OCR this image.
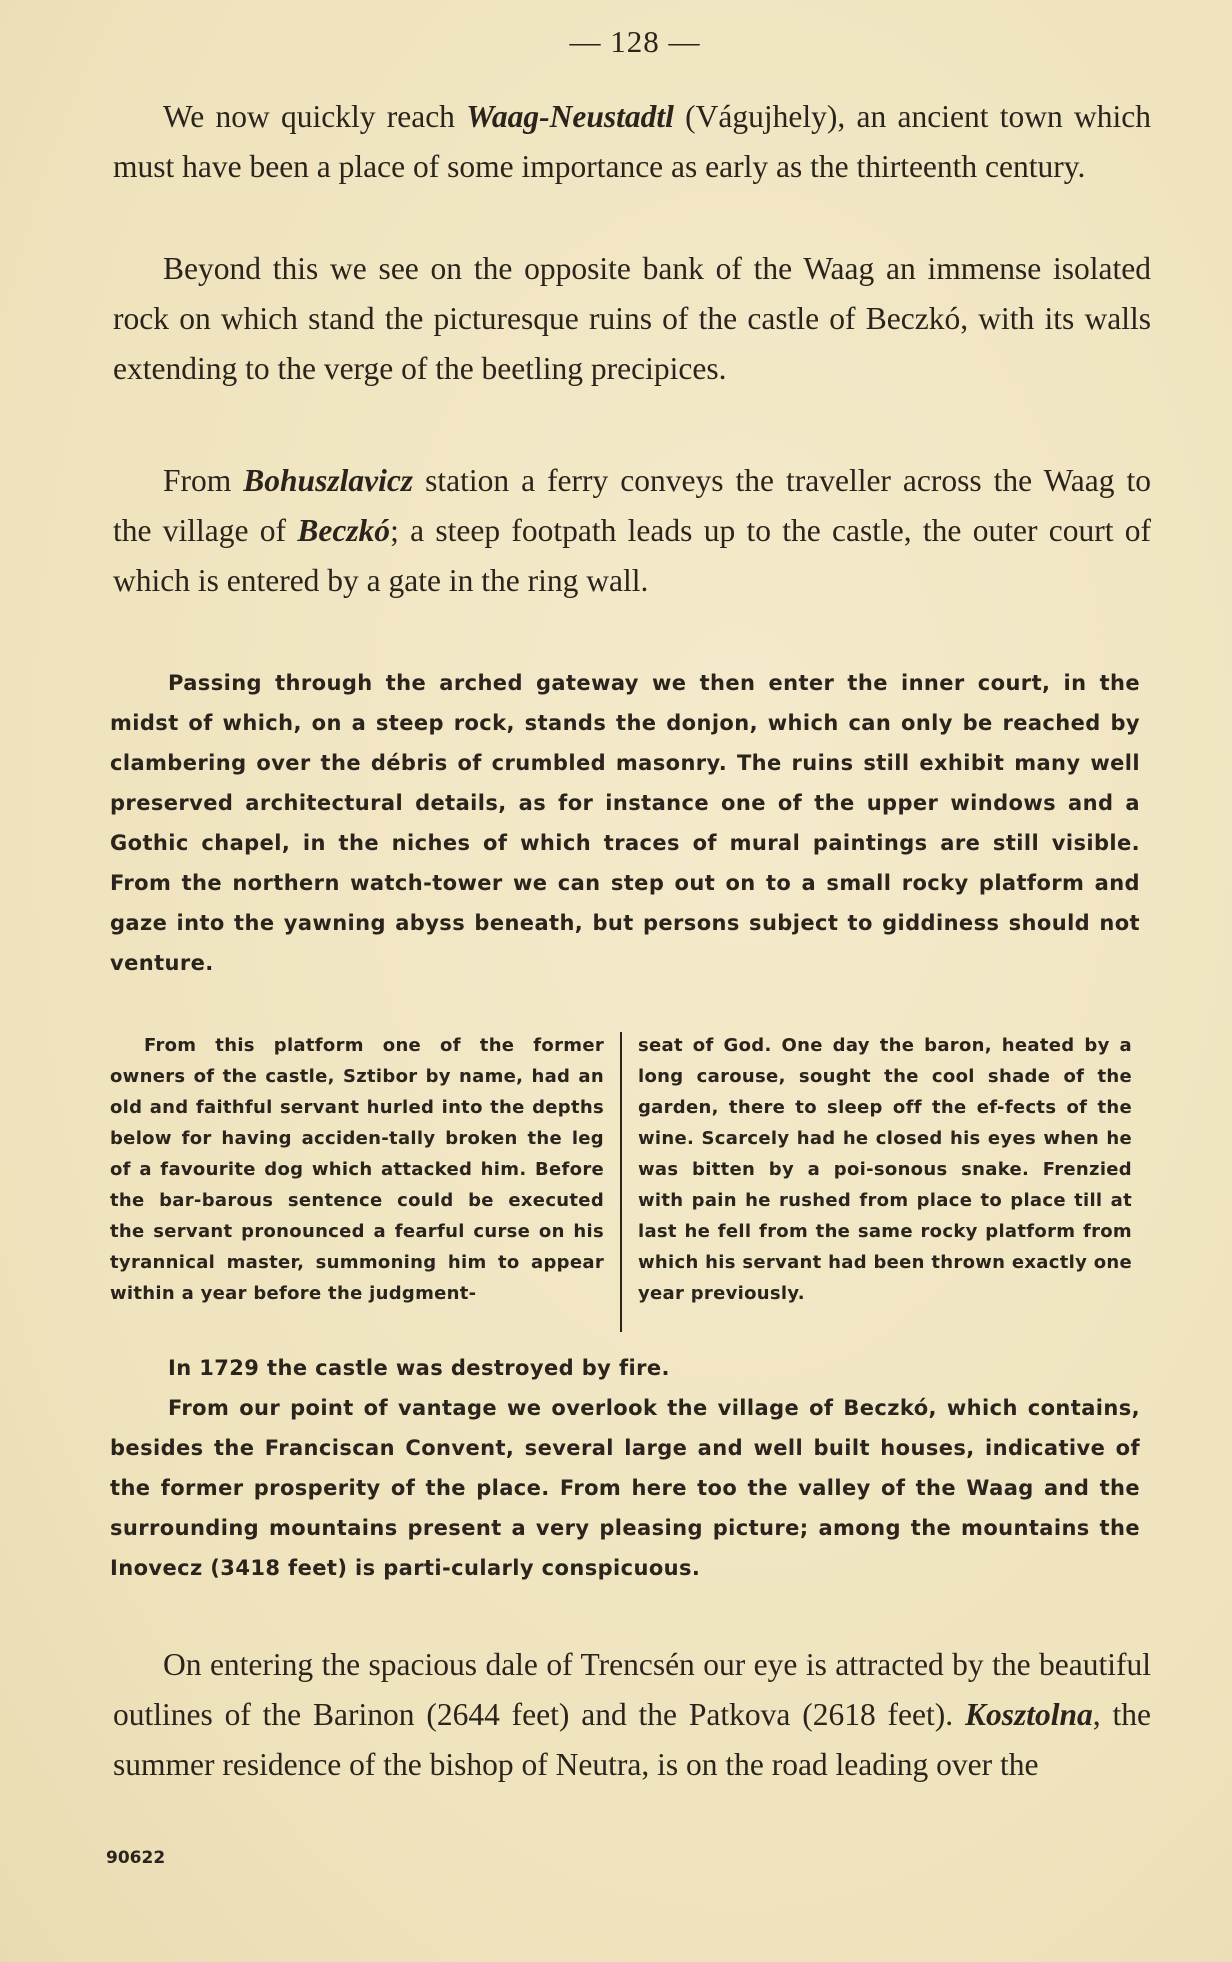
— 128 —

We now quickly reach Waag-Neustadtl (Vágujhely), an ancient town which must have been a place of some importance as early as the thirteenth century.

Beyond this we see on the opposite bank of the Waag an immense isolated rock on which stand the picturesque ruins of the castle of Beczkó, with its walls extending to the verge of the beetling precipices.

From Bohuszlavicz station a ferry conveys the traveller across the Waag to the village of Beczkó; a steep footpath leads up to the castle, the outer court of which is entered by a gate in the ring wall.

Passing through the arched gateway we then enter the inner court, in the midst of which, on a steep rock, stands the donjon, which can only be reached by clambering over the débris of crumbled masonry. The ruins still exhibit many well preserved architectural details, as for instance one of the upper windows and a Gothic chapel, in the niches of which traces of mural paintings are still visible. From the northern watch-tower we can step out on to a small rocky platform and gaze into the yawning abyss beneath, but persons subject to giddiness should not venture.

From this platform one of the former owners of the castle, Sztibor by name, had an old and faithful servant hurled into the depths below for having acciden-tally broken the leg of a favourite dog which attacked him. Before the bar-barous sentence could be executed the servant pronounced a fearful curse on his tyrannical master, summoning him to appear within a year before the judgment-
seat of God. One day the baron, heated by a long carouse, sought the cool shade of the garden, there to sleep off the ef-fects of the wine. Scarcely had he closed his eyes when he was bitten by a poi-sonous snake. Frenzied with pain he rushed from place to place till at last he fell from the same rocky platform from which his servant had been thrown exactly one year previously.

In 1729 the castle was destroyed by fire.

From our point of vantage we overlook the village of Beczkó, which contains, besides the Franciscan Convent, several large and well built houses, indicative of the former prosperity of the place. From here too the valley of the Waag and the surrounding mountains present a very pleasing picture; among the mountains the Inovecz (3418 feet) is parti-cularly conspicuous.

On entering the spacious dale of Trencsén our eye is attracted by the beautiful outlines of the Barinon (2644 feet) and the Patkova (2618 feet). Kosztolna, the summer residence of the bishop of Neutra, is on the road leading over the

90622
